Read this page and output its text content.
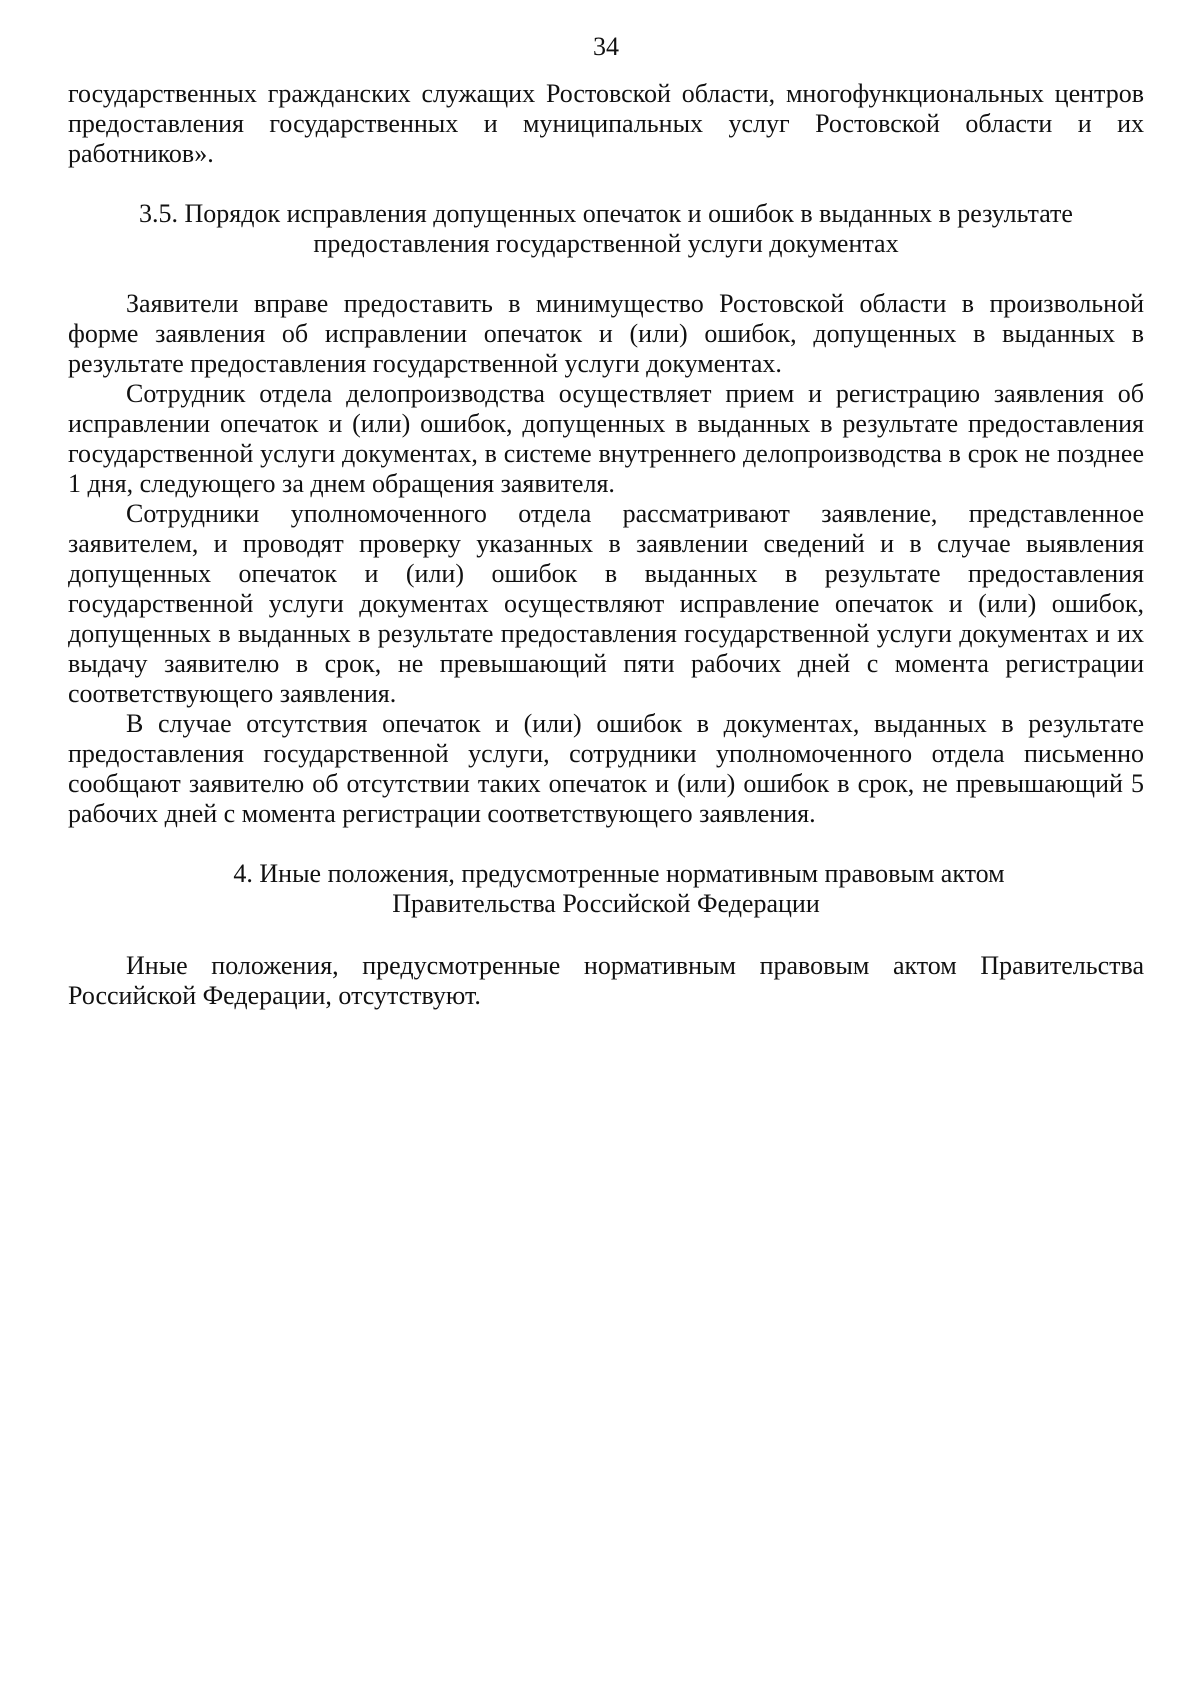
34

государственных гражданских служащих Ростовской области, многофункциональных центров предоставления государственных и муниципальных услуг Ростовской области и их работников».

3.5. Порядок исправления допущенных опечаток и ошибок в выданных в результате предоставления государственной услуги документах

Заявители вправе предоставить в минимущество Ростовской области в произвольной форме заявления об исправлении опечаток и (или) ошибок, допущенных в выданных в результате предоставления государственной услуги документах.

Сотрудник отдела делопроизводства осуществляет прием и регистрацию заявления об исправлении опечаток и (или) ошибок, допущенных в выданных в результате предоставления государственной услуги документах, в системе внутреннего делопроизводства в срок не позднее 1 дня, следующего за днем обращения заявителя.

Сотрудники уполномоченного отдела рассматривают заявление, представленное заявителем, и проводят проверку указанных в заявлении сведений и в случае выявления допущенных опечаток и (или) ошибок в выданных в результате предоставления государственной услуги документах осуществляют исправление опечаток и (или) ошибок, допущенных в выданных в результате предоставления государственной услуги документах и их выдачу заявителю в срок, не превышающий пяти рабочих дней с момента регистрации соответствующего заявления.

В случае отсутствия опечаток и (или) ошибок в документах, выданных в результате предоставления государственной услуги, сотрудники уполномоченного отдела письменно сообщают заявителю об отсутствии таких опечаток и (или) ошибок в срок, не превышающий 5 рабочих дней с момента регистрации соответствующего заявления.

4. Иные положения, предусмотренные нормативным правовым актом
Правительства Российской Федерации

Иные положения, предусмотренные нормативным правовым актом Правительства Российской Федерации, отсутствуют.
